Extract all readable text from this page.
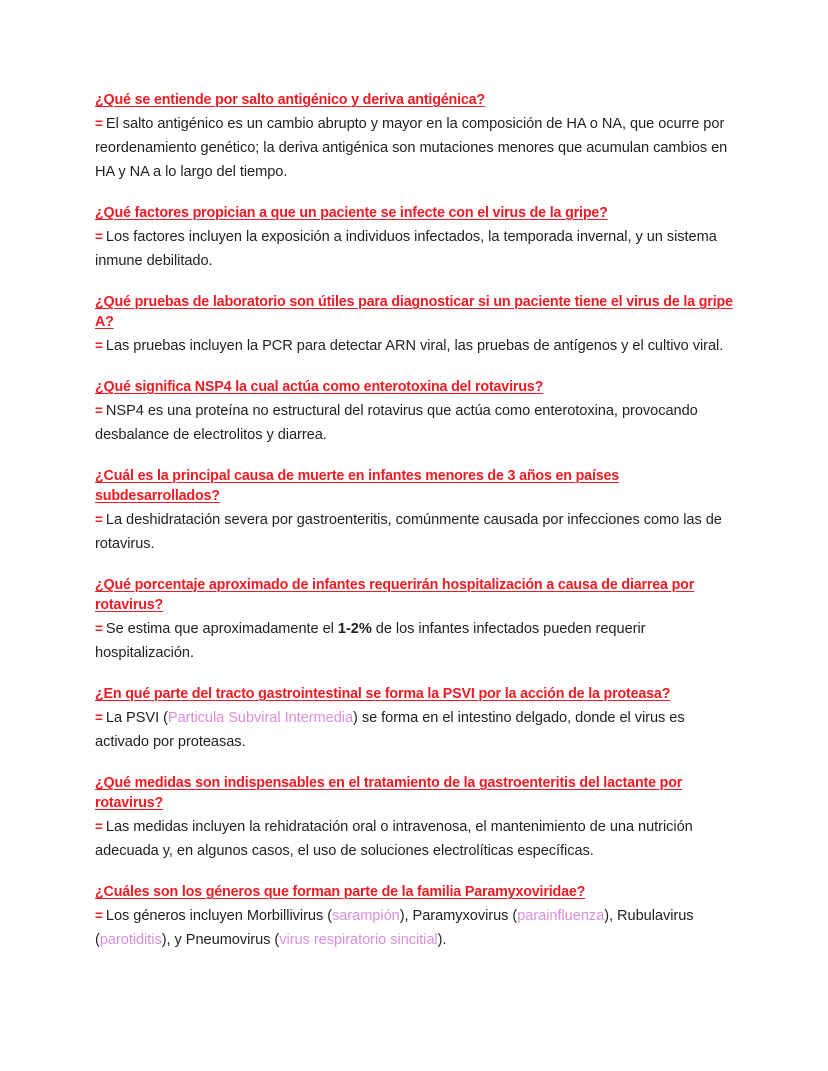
¿Qué se entiende por salto antigénico y deriva antigénica?

= El salto antigénico es un cambio abrupto y mayor en la composición de HA o NA, que ocurre por reordenamiento genético; la deriva antigénica son mutaciones menores que acumulan cambios en HA y NA a lo largo del tiempo.

¿Qué factores propician a que un paciente se infecte con el virus de la gripe?

= Los factores incluyen la exposición a individuos infectados, la temporada invernal, y un sistema inmune debilitado.

¿Qué pruebas de laboratorio son útiles para diagnosticar si un paciente tiene el virus de la gripe A?

= Las pruebas incluyen la PCR para detectar ARN viral, las pruebas de antígenos y el cultivo viral.

¿Qué significa NSP4 la cual actúa como enterotoxina del rotavirus?

= NSP4 es una proteína no estructural del rotavirus que actúa como enterotoxina, provocando desbalance de electrolitos y diarrea.

¿Cuál es la principal causa de muerte en infantes menores de 3 años en países subdesarrollados?

= La deshidratación severa por gastroenteritis, comúnmente causada por infecciones como las de rotavirus.

¿Qué porcentaje aproximado de infantes requerirán hospitalización a causa de diarrea por rotavirus?

= Se estima que aproximadamente el 1-2% de los infantes infectados pueden requerir hospitalización.

¿En qué parte del tracto gastrointestinal se forma la PSVI por la acción de la proteasa?

= La PSVI (Particula Subviral Intermedia) se forma en el intestino delgado, donde el virus es activado por proteasas.

¿Qué medidas son indispensables en el tratamiento de la gastroenteritis del lactante por rotavirus?

= Las medidas incluyen la rehidratación oral o intravenosa, el mantenimiento de una nutrición adecuada y, en algunos casos, el uso de soluciones electrolíticas específicas.

¿Cuáles son los géneros que forman parte de la familia Paramyxoviridae?

= Los géneros incluyen Morbillivirus (sarampión), Paramyxovirus (parainfluenza), Rubulavirus (parotiditis), y Pneumovirus (virus respiratorio sincitial).
